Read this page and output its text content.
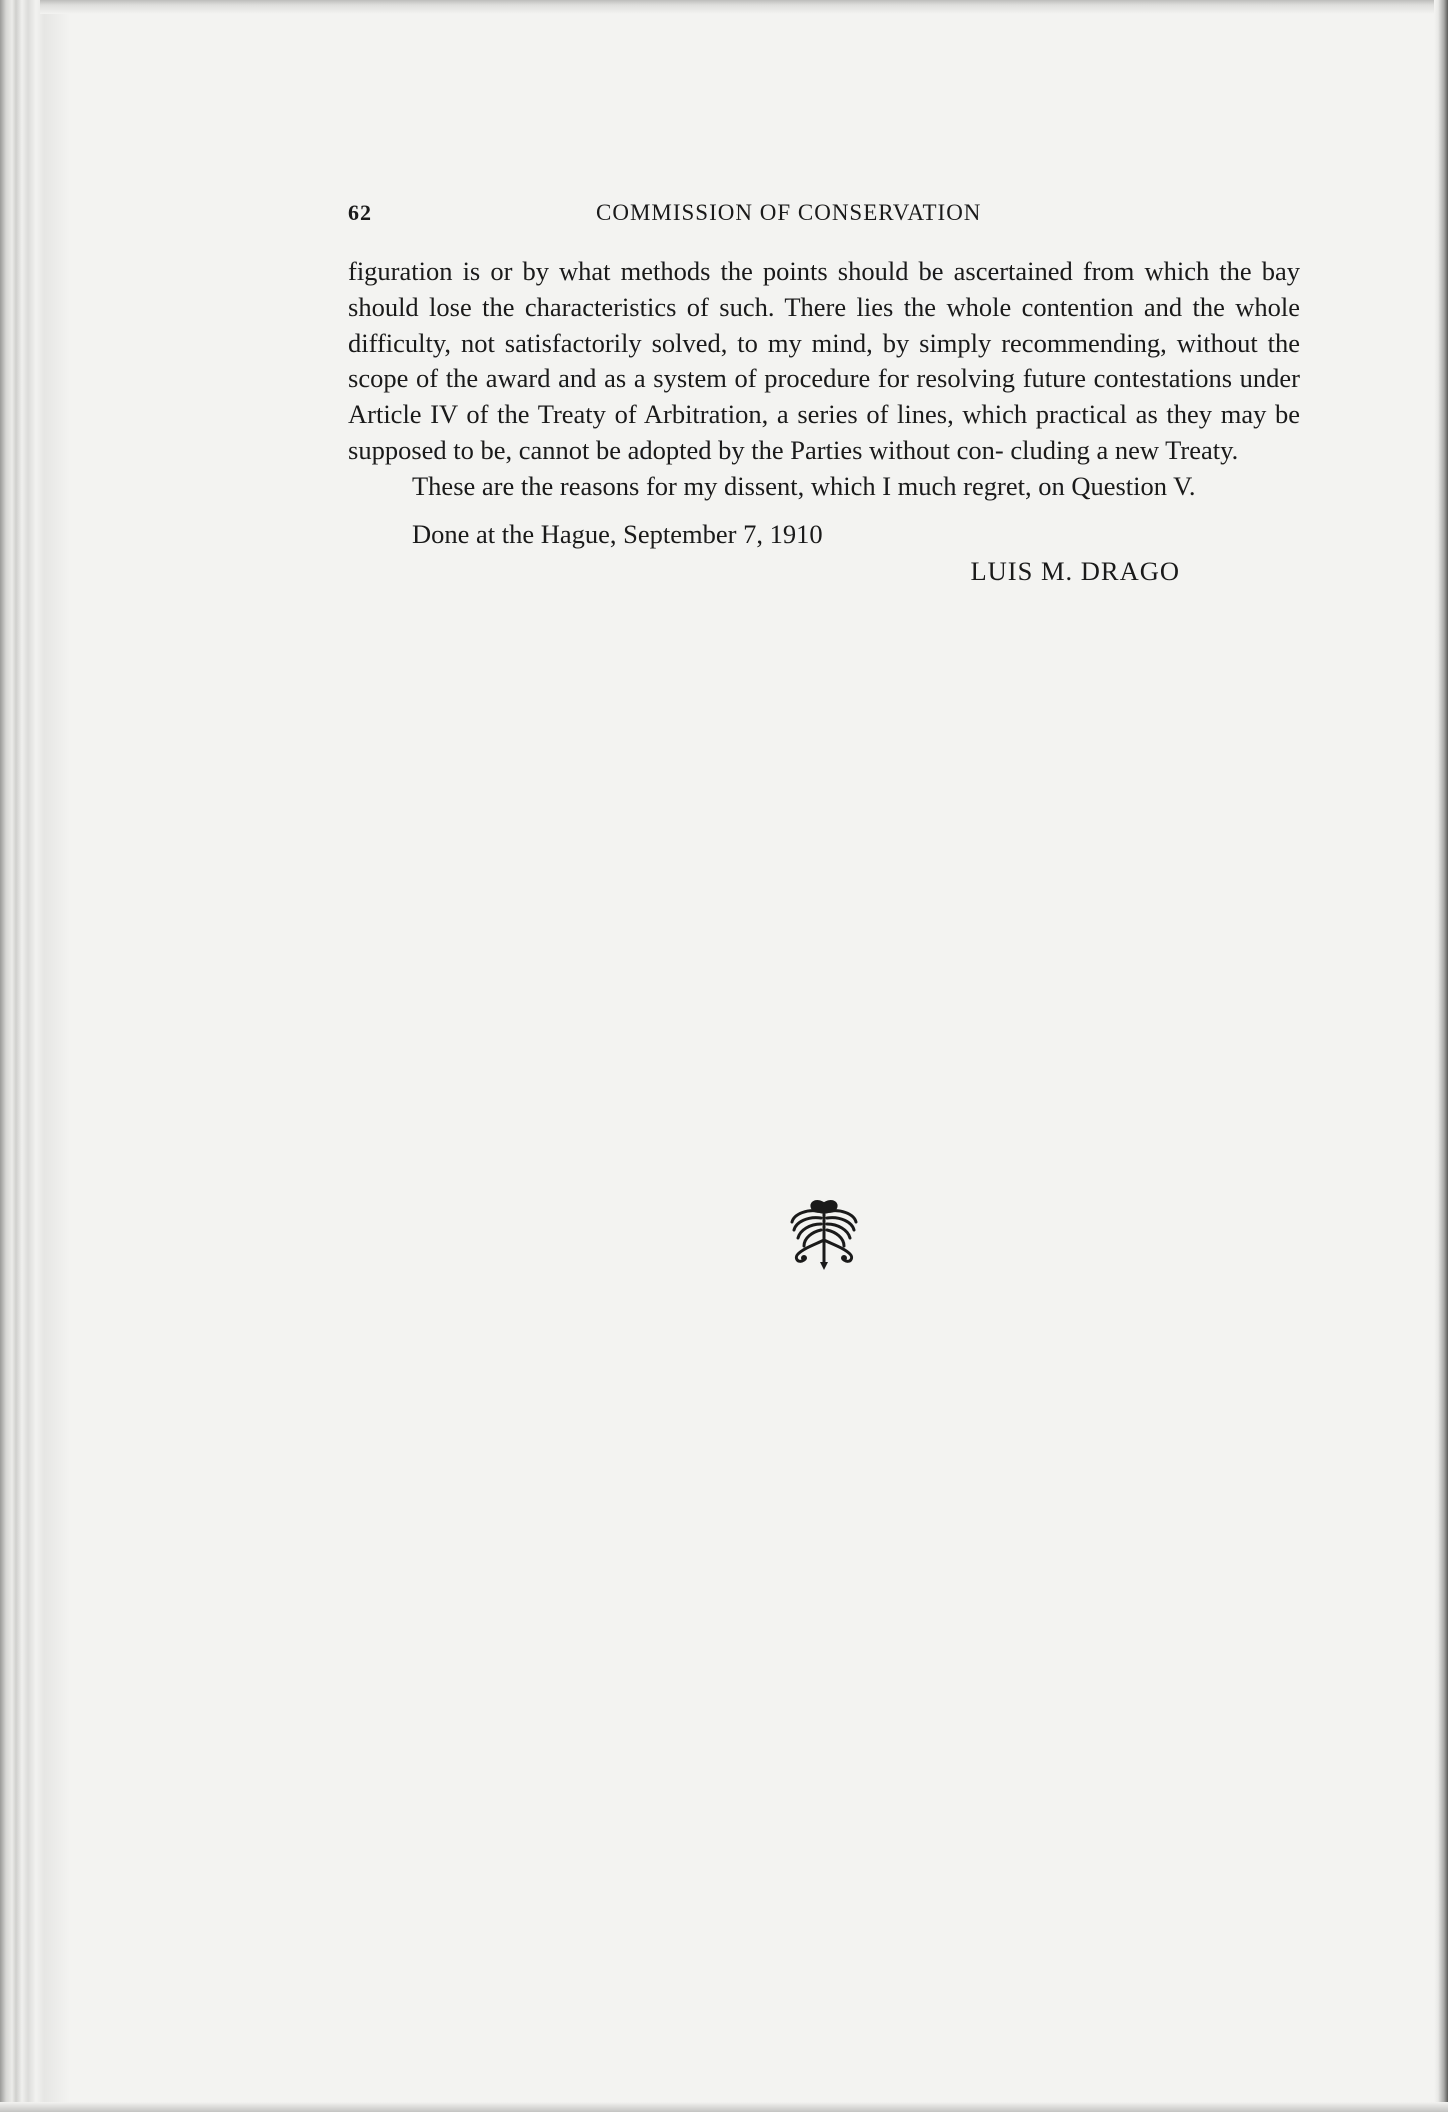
62	COMMISSION OF CONSERVATION

figuration is or by what methods the points should be ascertained from which the bay should lose the characteristics of such. There lies the whole contention and the whole difficulty, not satisfactorily solved, to my mind, by simply recommending, without the scope of the award and as a system of procedure for resolving future contestations under Article IV of the Treaty of Arbitration, a series of lines, which practical as they may be supposed to be, cannot be adopted by the Parties without con- cluding a new Treaty.

These are the reasons for my dissent, which I much regret, on Question V.

Done at the Hague, September 7, 1910
LUIS M. DRAGO
